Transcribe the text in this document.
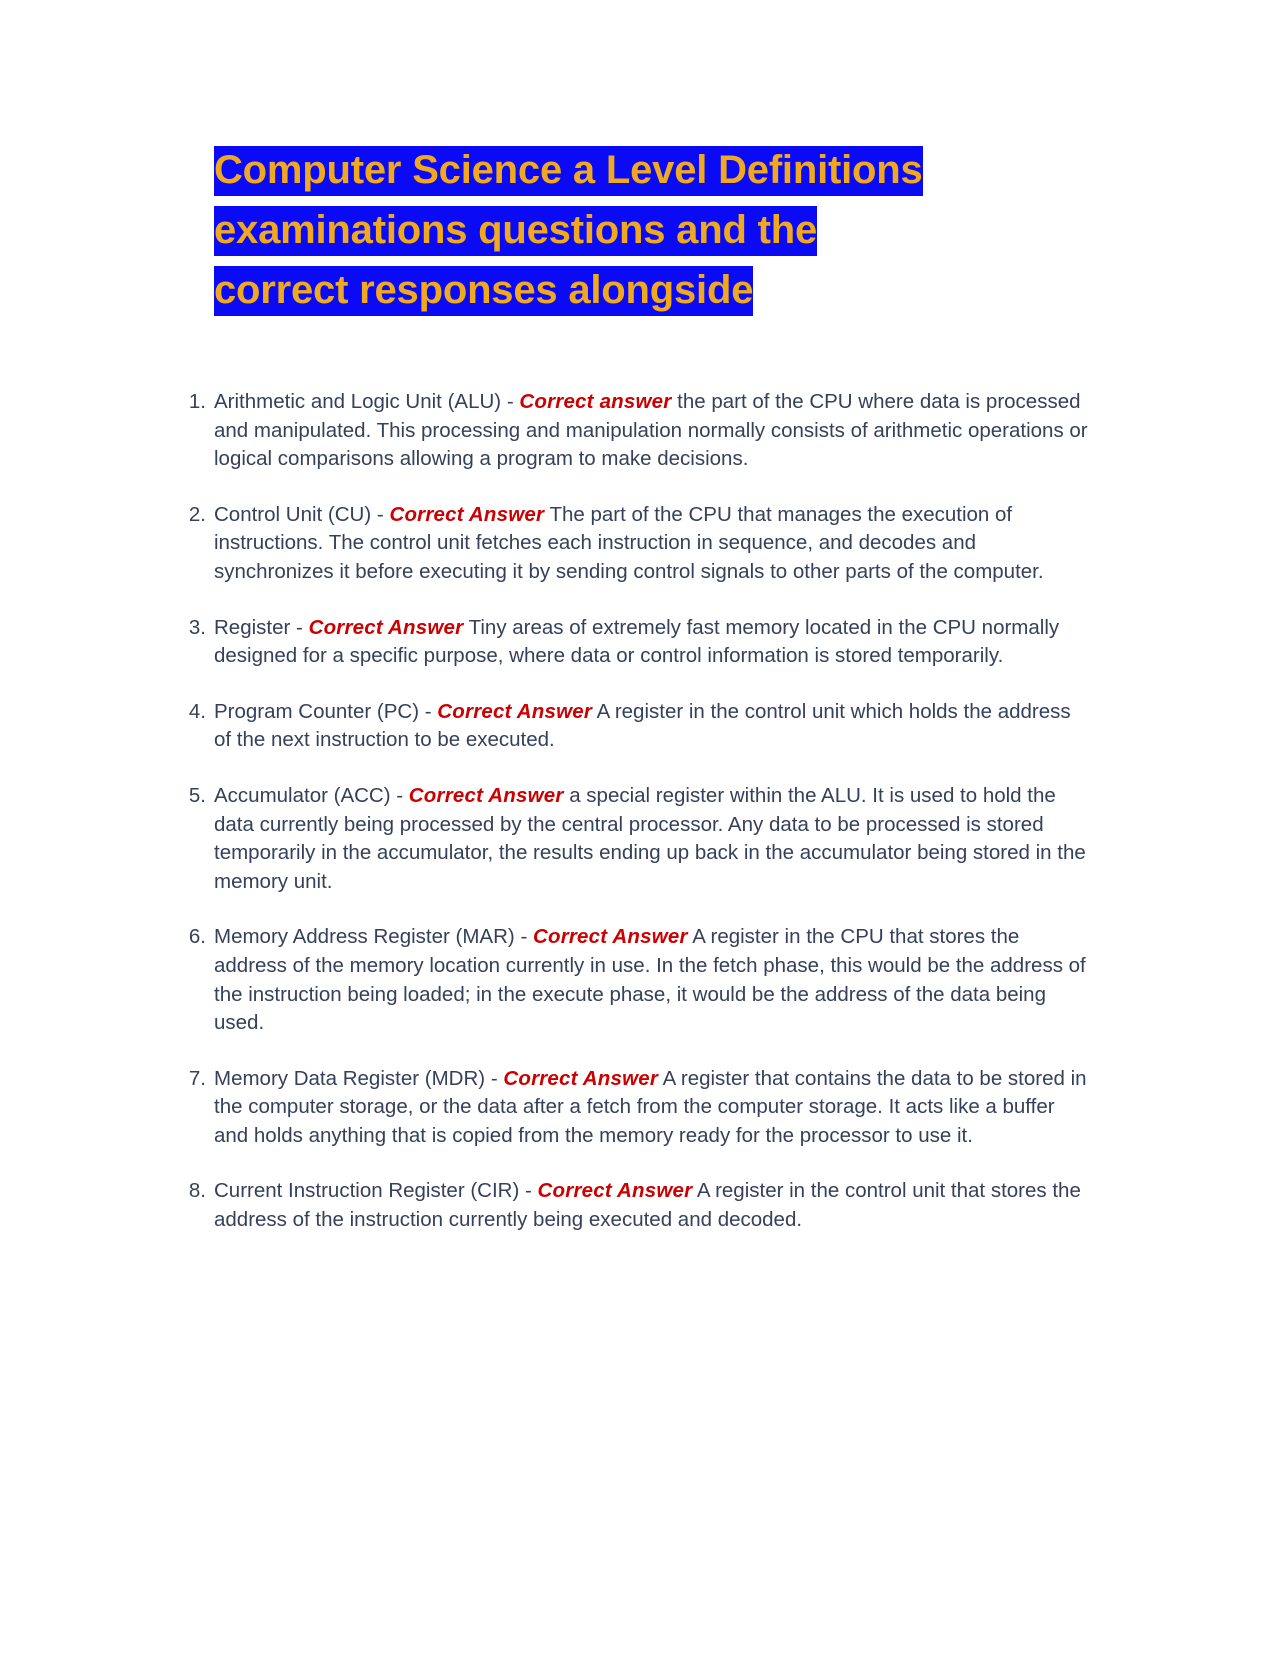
Computer Science a Level Definitions
examinations questions and the
correct responses alongside
1. Arithmetic and Logic Unit (ALU) - Correct answer the part of the CPU where data is processed and manipulated. This processing and manipulation normally consists of arithmetic operations or logical comparisons allowing a program to make decisions.
2. Control Unit (CU) - Correct Answer The part of the CPU that manages the execution of instructions. The control unit fetches each instruction in sequence, and decodes and synchronizes it before executing it by sending control signals to other parts of the computer.
3. Register - Correct Answer Tiny areas of extremely fast memory located in the CPU normally designed for a specific purpose, where data or control information is stored temporarily.
4. Program Counter (PC) - Correct Answer A register in the control unit which holds the address of the next instruction to be executed.
5. Accumulator (ACC) - Correct Answer a special register within the ALU. It is used to hold the data currently being processed by the central processor. Any data to be processed is stored temporarily in the accumulator, the results ending up back in the accumulator being stored in the memory unit.
6. Memory Address Register (MAR) - Correct Answer A register in the CPU that stores the address of the memory location currently in use. In the fetch phase, this would be the address of the instruction being loaded; in the execute phase, it would be the address of the data being used.
7. Memory Data Register (MDR) - Correct Answer A register that contains the data to be stored in the computer storage, or the data after a fetch from the computer storage. It acts like a buffer and holds anything that is copied from the memory ready for the processor to use it.
8. Current Instruction Register (CIR) - Correct Answer A register in the control unit that stores the address of the instruction currently being executed and decoded.
